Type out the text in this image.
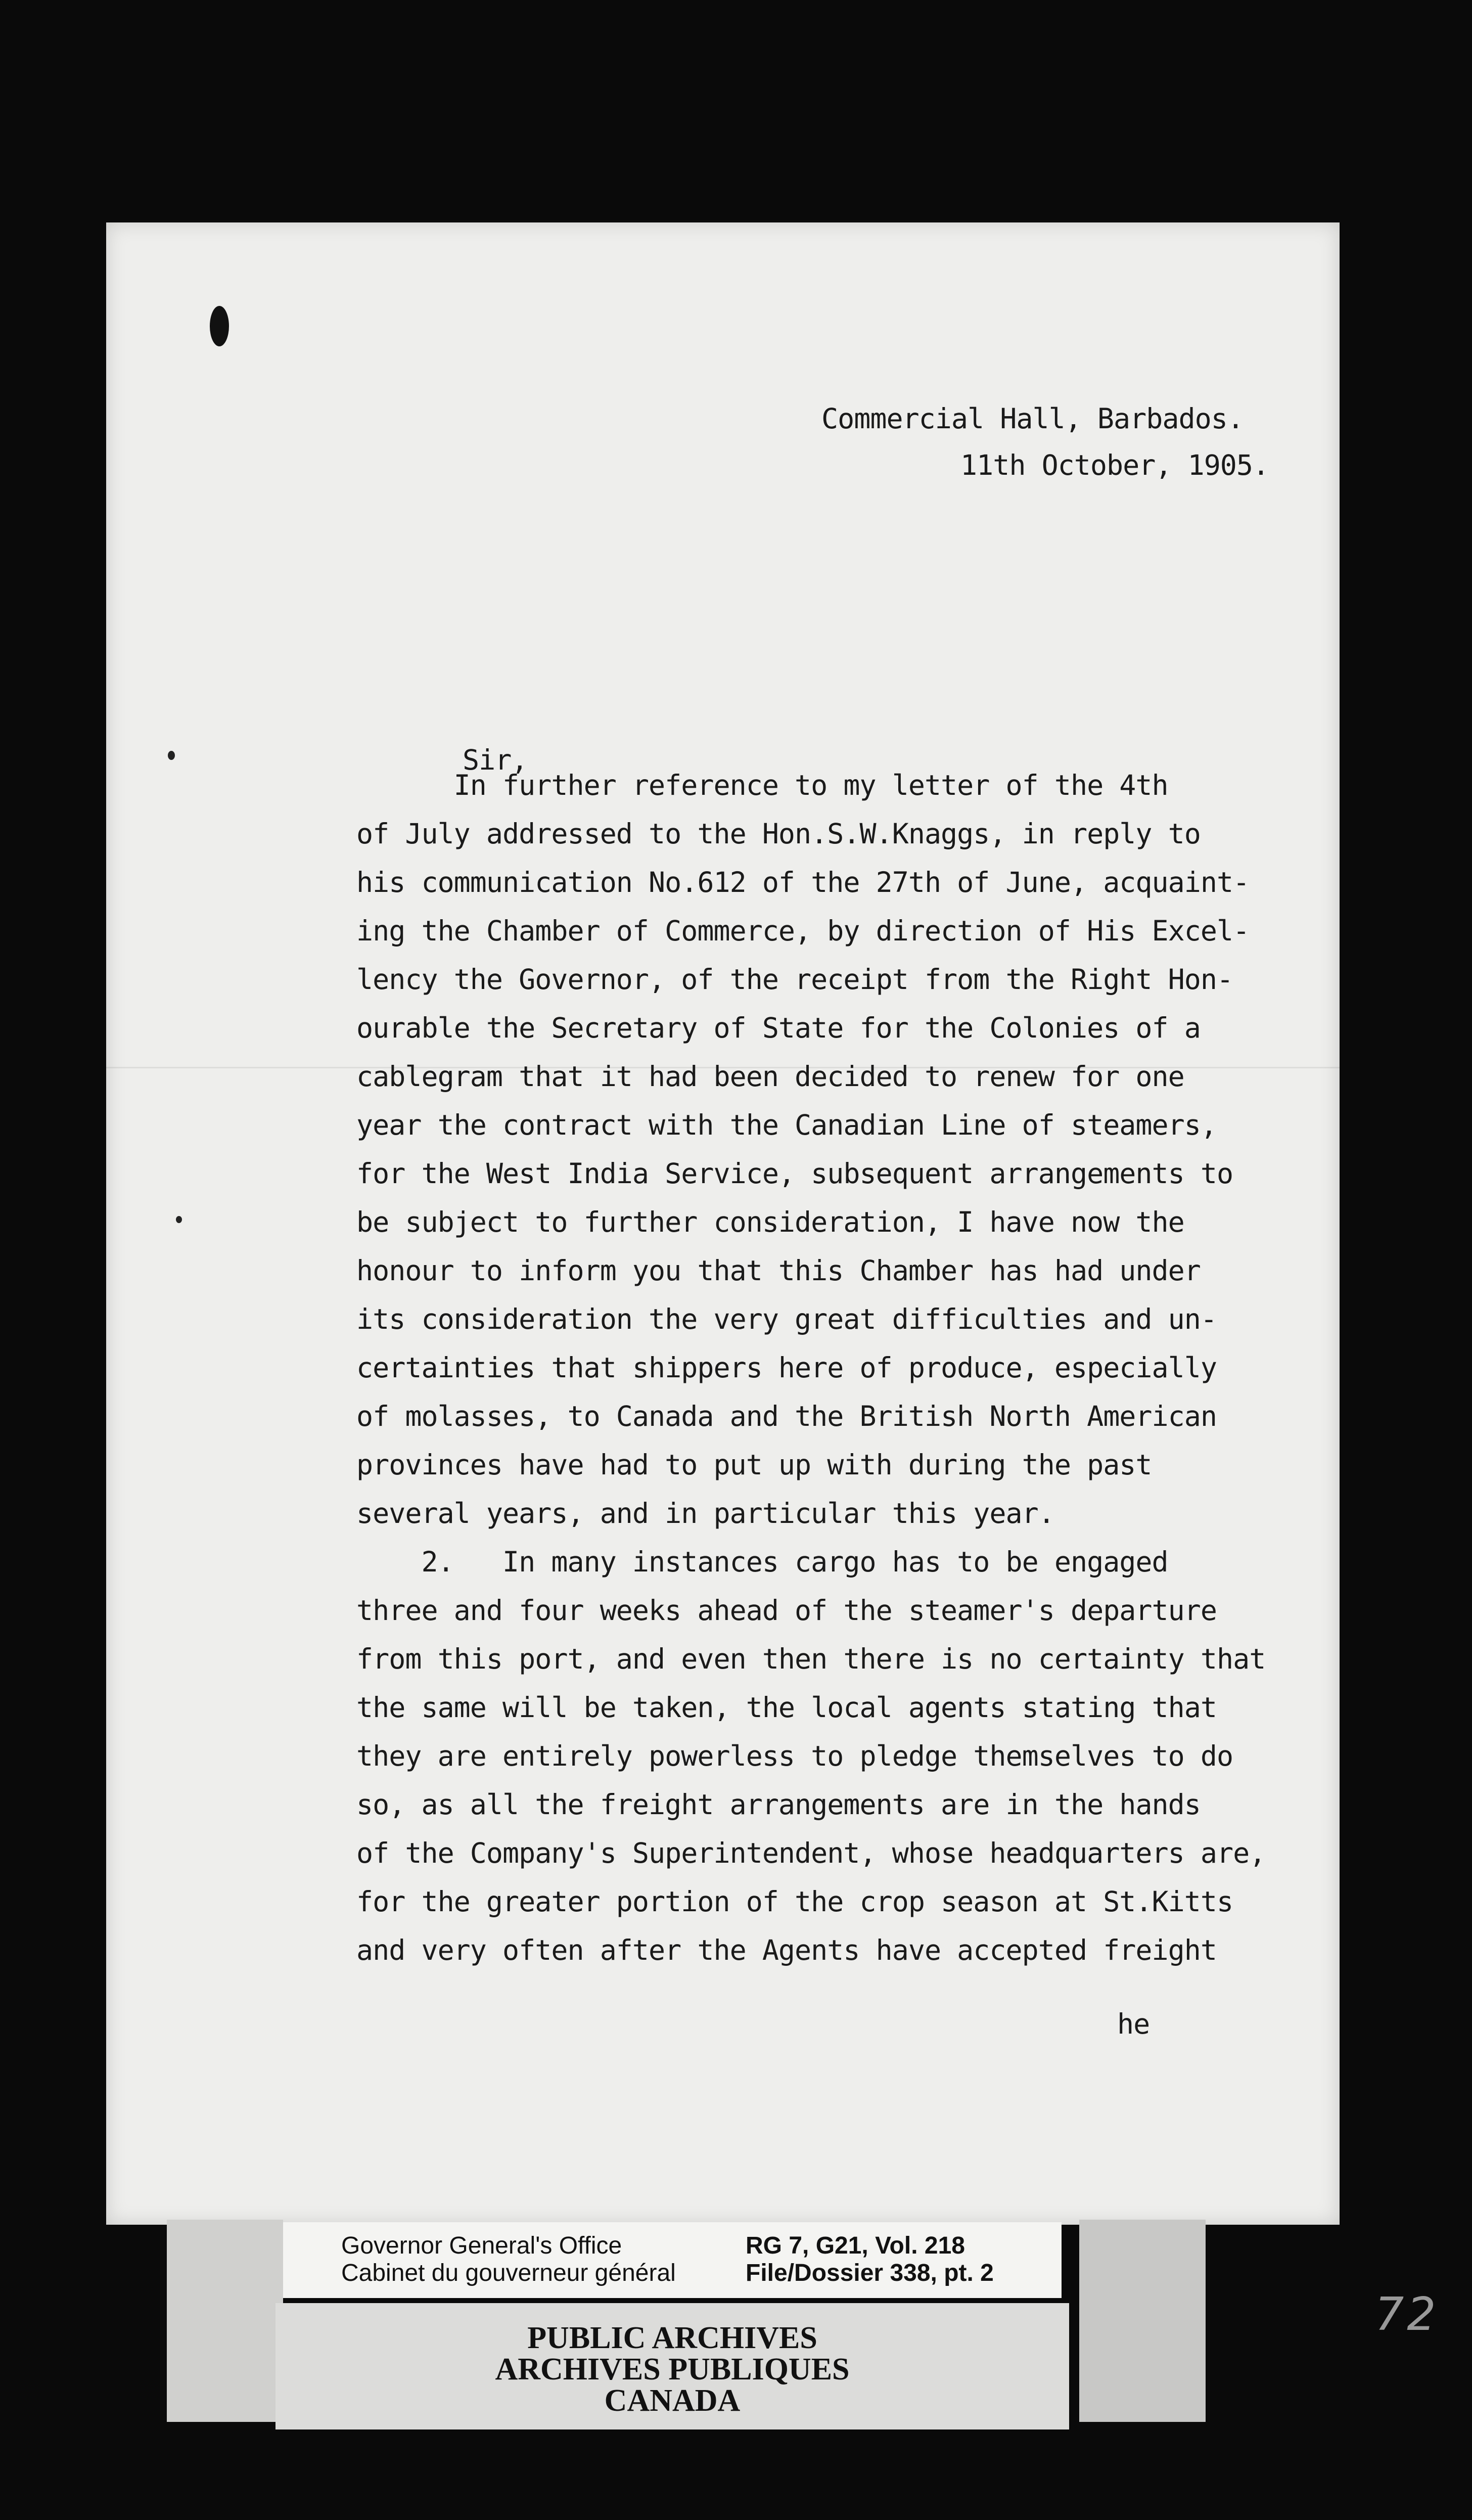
Commercial Hall, Barbados.
11th October, 1905.
Sir,
In further reference to my letter of the 4th
of July addressed to the Hon.S.W.Knaggs, in reply to
his communication No.612 of the 27th of June, acquaint-
ing the Chamber of Commerce, by direction of His Excel-
lency the Governor, of the receipt from the Right Hon-
ourable the Secretary of State for the Colonies of a
cablegram that it had been decided to renew for one
year the contract with the Canadian Line of steamers,
for the West India Service, subsequent arrangements to
be subject to further consideration, I have now the
honour to inform you that this Chamber has had under
its consideration the very great difficulties and un-
certainties that shippers here of produce, especially
of molasses, to Canada and the British North American
provinces have had to put up with during the past
several years, and in particular this year.
2.   In many instances cargo has to be engaged
three and four weeks ahead of the steamer's departure
from this port, and even then there is no certainty that
the same will be taken, the local agents stating that
they are entirely powerless to pledge themselves to do
so, as all the freight arrangements are in the hands
of the Company's Superintendent, whose headquarters are,
for the greater portion of the crop season at St.Kitts
and very often after the Agents have accepted freight
he
Governor General's Office
Cabinet du gouverneur général
RG 7, G21, Vol. 218
File/Dossier 338, pt. 2
PUBLIC ARCHIVES
ARCHIVES PUBLIQUES
CANADA
72
